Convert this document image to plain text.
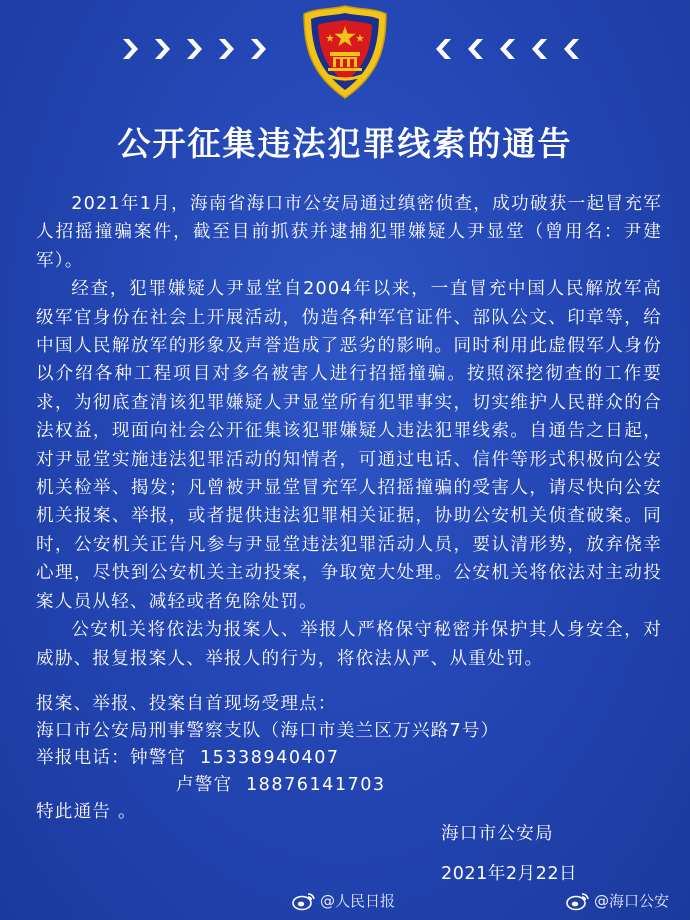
公开征集违法犯罪线索的通告

2021年1月，海南省海口市公安局通过缜密侦查，成功破获一起冒充军人招摇撞骗案件，截至目前抓获并逮捕犯罪嫌疑人尹显堂（曾用名：尹建军）。

经查，犯罪嫌疑人尹显堂自2004年以来，一直冒充中国人民解放军高级军官身份在社会上开展活动，伪造各种军官证件、部队公文、印章等，给中国人民解放军的形象及声誉造成了恶劣的影响。同时利用此虚假军人身份以介绍各种工程项目对多名被害人进行招摇撞骗。按照深挖彻查的工作要求，为彻底查清该犯罪嫌疑人尹显堂所有犯罪事实，切实维护人民群众的合法权益，现面向社会公开征集该犯罪嫌疑人违法犯罪线索。自通告之日起，对尹显堂实施违法犯罪活动的知情者，可通过电话、信件等形式积极向公安机关检举、揭发；凡曾被尹显堂冒充军人招摇撞骗的受害人，请尽快向公安机关报案、举报，或者提供违法犯罪相关证据，协助公安机关侦查破案。同时，公安机关正告凡参与尹显堂违法犯罪活动人员，要认清形势，放弃侥幸心理，尽快到公安机关主动投案，争取宽大处理。公安机关将依法对主动投案人员从轻、减轻或者免除处罚。

公安机关将依法为报案人、举报人严格保守秘密并保护其人身安全，对威胁、报复报案人、举报人的行为，将依法从严、从重处罚。

报案、举报、投案自首现场受理点：
海口市公安局刑事警察支队（海口市美兰区万兴路7号）
举报电话：钟警官 15338940407
卢警官 18876141703
特此通告 。
海口市公安局
2021年2月22日
@人民日报	@海口公安
